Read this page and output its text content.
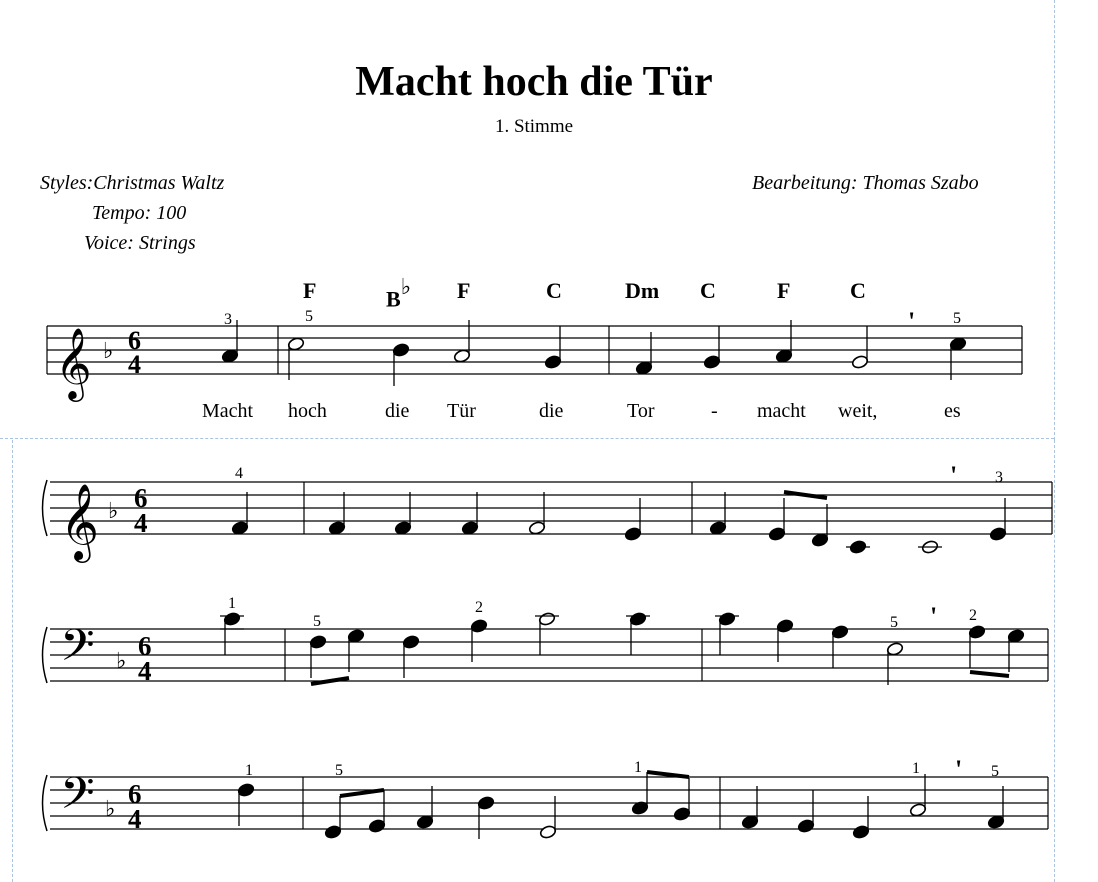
Macht hoch die Tür
1. Stimme
Styles:Christmas Waltz
Tempo: 100
Voice: Strings
Bearbeitung: Thomas Szabo
F	B♭ F	C	Dm C	F	C
Macht hoch	die Tür	die	Tor	- macht weit,	es
𝄞 ♭ 6
4
𝄞 ♭ 6
4
𝄢 ♭
6
4
𝄢 ♭
6
4
3	5	5
4	3
1
5
2
5	2
1	5	1	1	5
'
'
'
'
